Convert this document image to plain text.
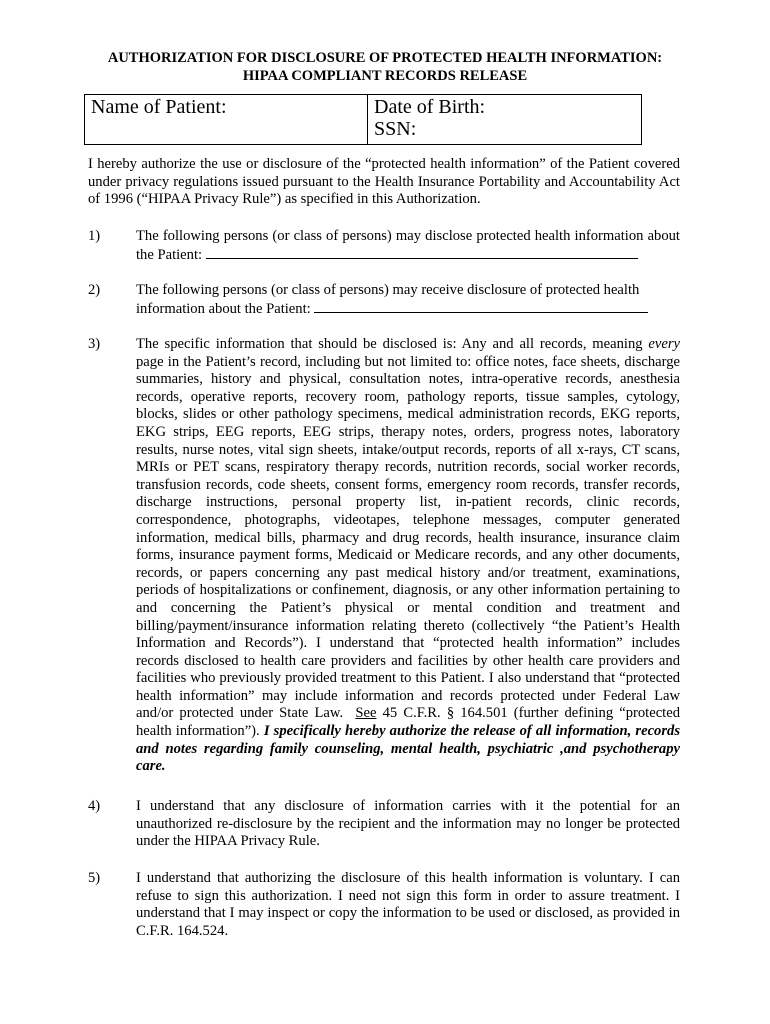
AUTHORIZATION FOR DISCLOSURE OF PROTECTED HEALTH INFORMATION:
HIPAA COMPLIANT RECORDS RELEASE
Name of Patient:	Date of Birth:
SSN:
I hereby authorize the use or disclosure of the “protected health information” of the Patient covered under privacy regulations issued pursuant to the Health Insurance Portability and Accountability Act of 1996 (“HIPAA Privacy Rule”) as specified in this Authorization.
1)	The following persons (or class of persons) may disclose protected health information about the Patient:
2)	The following persons (or class of persons) may receive disclosure of protected health information about the Patient:
3)	The specific information that should be disclosed is: Any and all records, meaning every page in the Patient’s record, including but not limited to: office notes, face sheets, discharge summaries, history and physical, consultation notes, intra-operative records, anesthesia records, operative reports, recovery room, pathology reports, tissue samples, cytology, blocks, slides or other pathology specimens, medical administration records, EKG reports, EKG strips, EEG reports, EEG strips, therapy notes, orders, progress notes, laboratory results, nurse notes, vital sign sheets, intake/output records, reports of all x-rays, CT scans, MRIs or PET scans, respiratory therapy records, nutrition records, social worker records, transfusion records, code sheets, consent forms, emergency room records, transfer records, discharge instructions, personal property list, in-patient records, clinic records, correspondence, photographs, videotapes, telephone messages, computer generated information, medical bills, pharmacy and drug records, health insurance, insurance claim forms, insurance payment forms, Medicaid or Medicare records, and any other documents, records, or papers concerning any past medical history and/or treatment, examinations, periods of hospitalizations or confinement, diagnosis, or any other information pertaining to and concerning the Patient’s physical or mental condition and treatment and billing/payment/insurance information relating thereto (collectively “the Patient’s Health Information and Records”). I understand that “protected health information” includes records disclosed to health care providers and facilities by other health care providers and facilities who previously provided treatment to this Patient. I also understand that “protected health information” may include information and records protected under Federal Law and/or protected under State Law. See 45 C.F.R. § 164.501 (further defining “protected health information”). I specifically hereby authorize the release of all information, records and notes regarding family counseling, mental health, psychiatric ,and psychotherapy care.
4)	I understand that any disclosure of information carries with it the potential for an unauthorized re-disclosure by the recipient and the information may no longer be protected under the HIPAA Privacy Rule.
5)	I understand that authorizing the disclosure of this health information is voluntary. I can refuse to sign this authorization. I need not sign this form in order to assure treatment. I understand that I may inspect or copy the information to be used or disclosed, as provided in C.F.R. 164.524.
